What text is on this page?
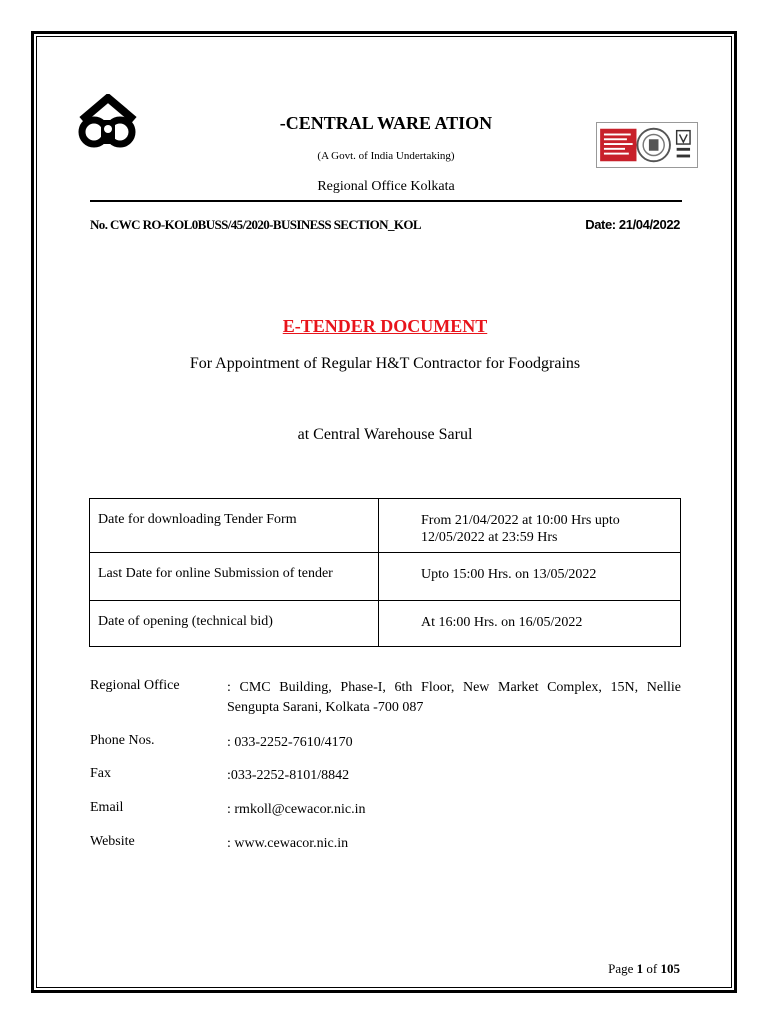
-CENTRAL WARE ATION
(A Govt. of India Undertaking)
Regional Office Kolkata
No. CWC RO-KOL0BUSS/45/2020-BUSINESS SECTION_KOL	Date: 21/04/2022
E-TENDER DOCUMENT
For Appointment of Regular H&T Contractor for Foodgrains
at Central Warehouse Sarul
Date for downloading Tender Form	From 21/04/2022 at 10:00 Hrs upto 12/05/2022 at 23:59 Hrs
Last Date for online Submission of tender	Upto 15:00 Hrs. on 13/05/2022
Date of opening (technical bid)	At 16:00 Hrs. on 16/05/2022
Regional Office	: CMC Building, Phase-I, 6th Floor, New Market Complex, 15N, Nellie Sengupta Sarani, Kolkata -700 087
Phone Nos.	: 033-2252-7610/4170
Fax	:033-2252-8101/8842
Email	: rmkoll@cewacor.nic.in
Website	: www.cewacor.nic.in
Page 1 of 105
